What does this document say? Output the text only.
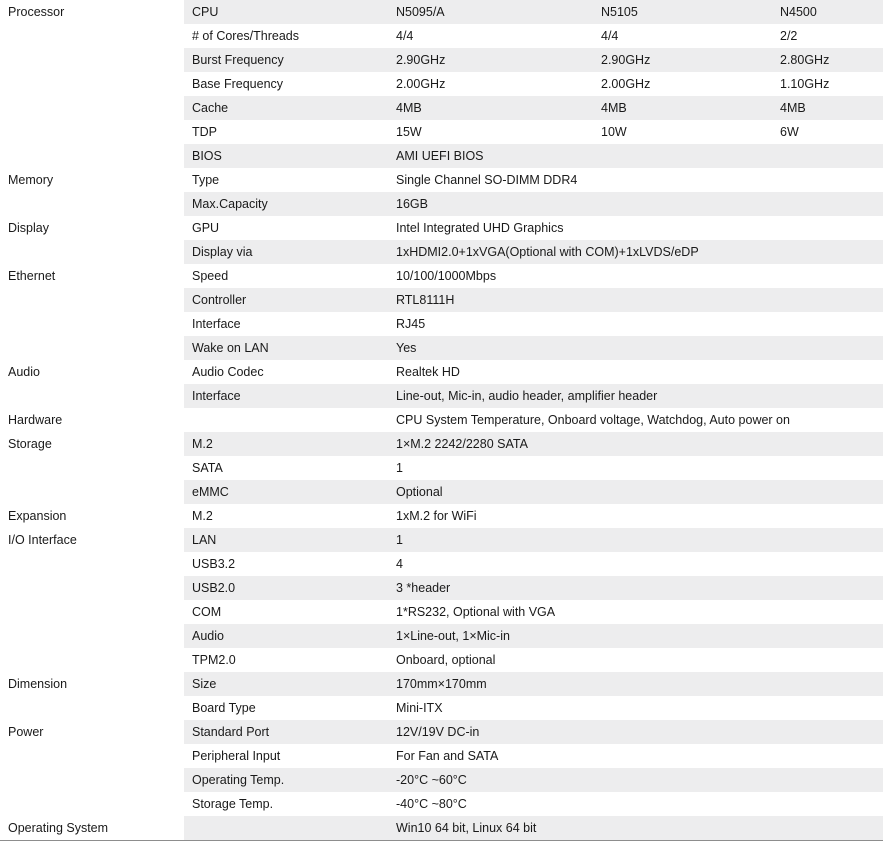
Processor	CPU	N5095/A	N5105	N4500
	# of Cores/Threads	4/4	4/4	2/2
	Burst Frequency	2.90GHz	2.90GHz	2.80GHz
	Base Frequency	2.00GHz	2.00GHz	1.10GHz
	Cache	4MB	4MB	4MB
	TDP	15W	10W	6W
	BIOS	AMI UEFI BIOS		
Memory	Type	Single Channel SO-DIMM DDR4		
	Max.Capacity	16GB		
Display	GPU	Intel Integrated UHD Graphics		
	Display via	1xHDMI2.0+1xVGA(Optional with COM)+1xLVDS/eDP		
Ethernet	Speed	10/100/1000Mbps		
	Controller	RTL8111H		
	Interface	RJ45		
	Wake on LAN	Yes		
Audio	Audio Codec	Realtek HD		
	Interface	Line-out, Mic-in, audio header, amplifier header		
Hardware		CPU System Temperature, Onboard voltage, Watchdog, Auto power on		
Storage	M.2	1×M.2 2242/2280 SATA		
	SATA	1		
	eMMC	Optional		
Expansion	M.2	1xM.2 for WiFi		
I/O Interface	LAN	1		
	USB3.2	4		
	USB2.0	3 *header		
	COM	1*RS232, Optional with VGA		
	Audio	1×Line-out, 1×Mic-in		
	TPM2.0	Onboard, optional		
Dimension	Size	170mm×170mm		
	Board Type	Mini-ITX		
Power	Standard Port	12V/19V DC-in		
	Peripheral Input	For Fan and SATA		
	Operating Temp.	-20°C ~60°C		
	Storage Temp.	-40°C ~80°C		
Operating System		Win10 64 bit, Linux 64 bit		
